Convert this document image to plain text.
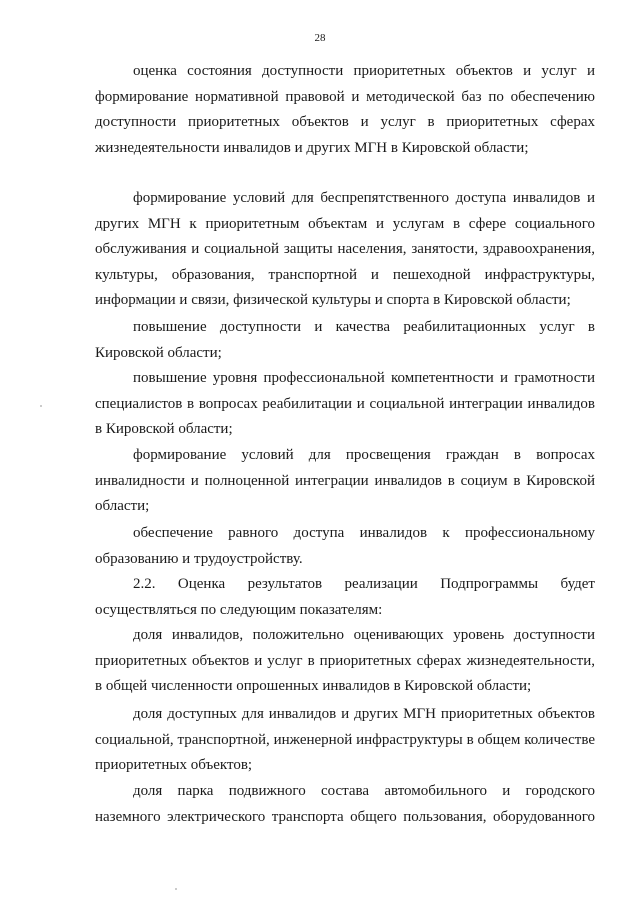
28

оценка состояния доступности приоритетных объектов и услуг и формирование нормативной правовой и методической баз по обеспечению доступности приоритетных объектов и услуг в приоритетных сферах жизнедеятельности инвалидов и других МГН в Кировской области;

формирование условий для беспрепятственного доступа инвалидов и других МГН к приоритетным объектам и услугам в сфере социального обслуживания и социальной защиты населения, занятости, здравоохранения, культуры, образования, транспортной и пешеходной инфраструктуры, информации и связи, физической культуры и спорта в Кировской области;

повышение доступности и качества реабилитационных услуг в Кировской области;

повышение уровня профессиональной компетентности и грамотности специалистов в вопросах реабилитации и социальной интеграции инвалидов в Кировской области;

формирование условий для просвещения граждан в вопросах инвалидности и полноценной интеграции инвалидов в социум в Кировской области;

обеспечение равного доступа инвалидов к профессиональному образованию и трудоустройству.

2.2. Оценка результатов реализации Подпрограммы будет осуществляться по следующим показателям:

доля инвалидов, положительно оценивающих уровень доступности приоритетных объектов и услуг в приоритетных сферах жизнедеятельности, в общей численности опрошенных инвалидов в Кировской области;

доля доступных для инвалидов и других МГН приоритетных объектов социальной, транспортной, инженерной инфраструктуры в общем количестве приоритетных объектов;

доля парка подвижного состава автомобильного и городского наземного электрического транспорта общего пользования, оборудованного
